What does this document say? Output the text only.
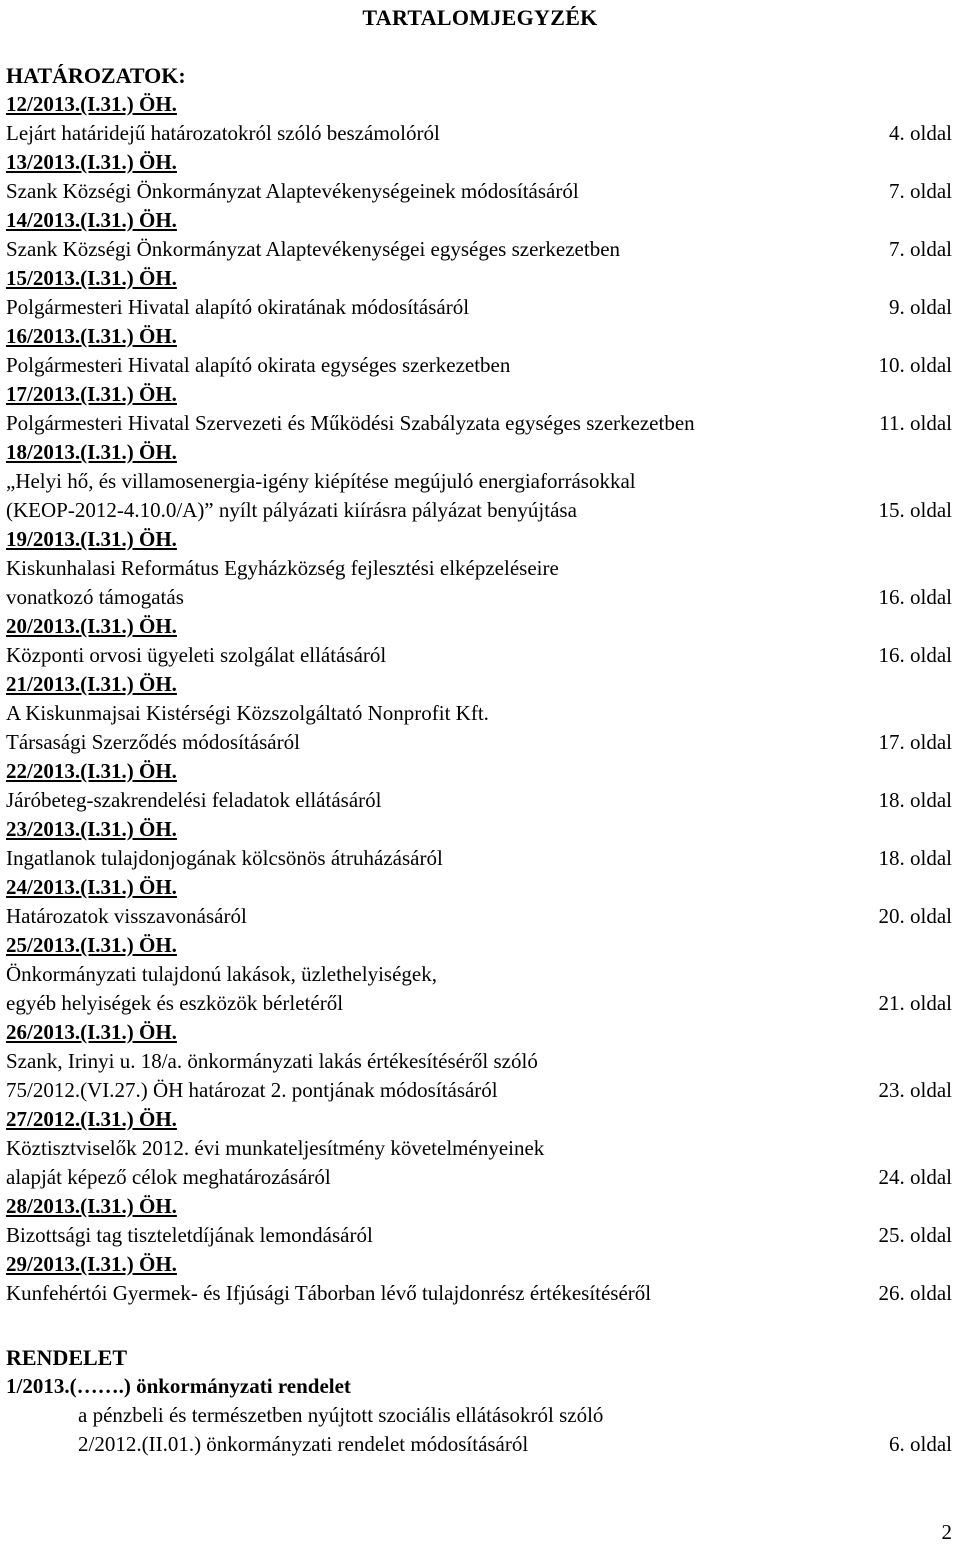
TARTALOMJEGYZÉK
HATÁROZATOK:
12/2013.(I.31.) ÖH.
Lejárt határidejű határozatokról szóló beszámolóról	4. oldal
13/2013.(I.31.) ÖH.
Szank Községi Önkormányzat Alaptevékenységeinek módosításáról	7. oldal
14/2013.(I.31.) ÖH.
Szank Községi Önkormányzat Alaptevékenységei egységes szerkezetben	7. oldal
15/2013.(I.31.) ÖH.
Polgármesteri Hivatal alapító okiratának módosításáról	9. oldal
16/2013.(I.31.) ÖH.
Polgármesteri Hivatal alapító okirata egységes szerkezetben	10. oldal
17/2013.(I.31.) ÖH.
Polgármesteri Hivatal Szervezeti és Működési Szabályzata egységes szerkezetben	11. oldal
18/2013.(I.31.) ÖH.
„Helyi hő, és villamosenergia-igény kiépítése megújuló energiaforrásokkal
(KEOP-2012-4.10.0/A)” nyílt pályázati kiírásra pályázat benyújtása	15. oldal
19/2013.(I.31.) ÖH.
Kiskunhalasi Református Egyházközség fejlesztési elképzeléseire
vonatkozó támogatás	16. oldal
20/2013.(I.31.) ÖH.
Központi orvosi ügyeleti szolgálat ellátásáról	16. oldal
21/2013.(I.31.) ÖH.
A Kiskunmajsai Kistérségi Közszolgáltató Nonprofit Kft.
Társasági Szerződés módosításáról	17. oldal
22/2013.(I.31.) ÖH.
Járóbeteg-szakrendelési feladatok ellátásáról	18. oldal
23/2013.(I.31.) ÖH.
Ingatlanok tulajdonjogának kölcsönös átruházásáról	18. oldal
24/2013.(I.31.) ÖH.
Határozatok visszavonásáról	20. oldal
25/2013.(I.31.) ÖH.
Önkormányzati tulajdonú lakások, üzlethelyiségek,
egyéb helyiségek és eszközök bérletéről	21. oldal
26/2013.(I.31.) ÖH.
Szank, Irinyi u. 18/a. önkormányzati lakás értékesítéséről szóló
75/2012.(VI.27.) ÖH határozat 2. pontjának módosításáról	23. oldal
27/2012.(I.31.) ÖH.
Köztisztviselők 2012. évi munkateljesítmény követelményeinek
alapját képező célok meghatározásáról	24. oldal
28/2013.(I.31.) ÖH.
Bizottsági tag tiszteletdíjának lemondásáról	25. oldal
29/2013.(I.31.) ÖH.
Kunfehértói Gyermek- és Ifjúsági Táborban lévő tulajdonrész értékesítéséről	26. oldal
RENDELET
1/2013.(…….) önkormányzati rendelet
a pénzbeli és természetben nyújtott szociális ellátásokról szóló
2/2012.(II.01.) önkormányzati rendelet módosításáról	6. oldal
2
